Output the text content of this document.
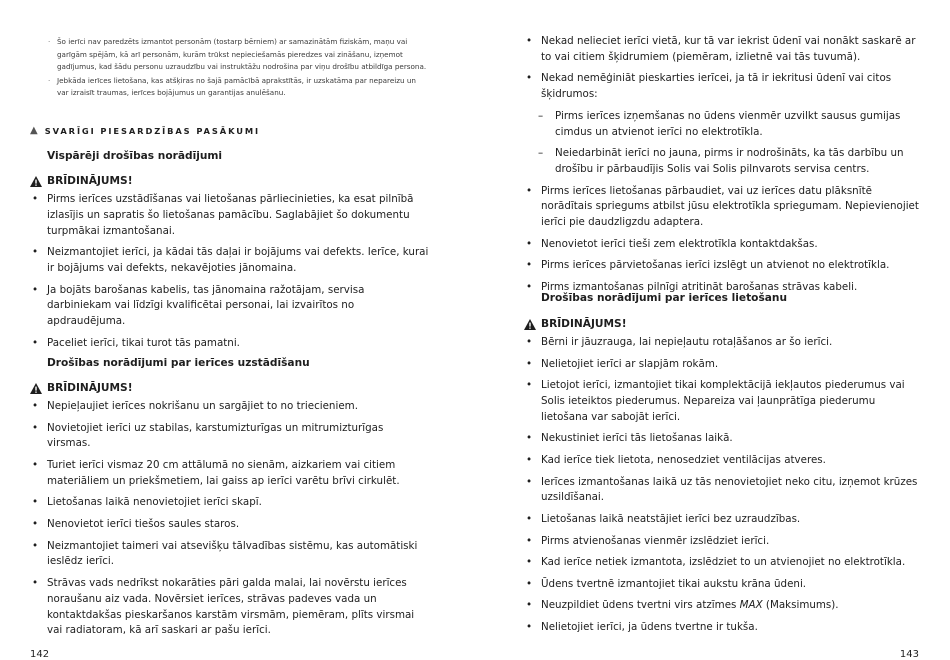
· Šo ierīci nav paredzēts izmantot personām (tostarp bērniem) ar samazinātām fiziskām, maņu vai garīgām spējām, kā arī personām, kurām trūkst nepieciešamās pieredzes vai zināšanu, izņemot gadījumus, kad šādu personu uzraudzību vai instruktāžu nodrošina par viņu drošību atbildīga persona.
· Jebkāda ierīces lietošana, kas atšķiras no šajā pamācībā aprakstītās, ir uzskatāma par nepareizu un var izraisīt traumas, ierīces bojājumus un garantijas anulēšanu.
▲ SVARĪGI PIESARDZĪBAS PASĀKUMI
Vispārēji drošības norādījumi
BRĪDINĀJUMS!
• Pirms ierīces uzstādīšanas vai lietošanas pārliecinieties, ka esat pilnībā izlasījis un sapratis šo lietošanas pamācību. Saglabājiet šo dokumentu turpmākai izmantošanai.
• Neizmantojiet ierīci, ja kādai tās daļai ir bojājums vai defekts. Ierīce, kurai ir bojājums vai defekts, nekavējoties jānomaina.
• Ja bojāts barošanas kabelis, tas jānomaina ražotājam, servisa darbiniekam vai līdzīgi kvalificētai personai, lai izvairītos no apdraudējuma.
• Paceliet ierīci, tikai turot tās pamatni.
Drošības norādījumi par ierīces uzstādīšanu
BRĪDINĀJUMS!
• Nepieļaujiet ierīces nokrišanu un sargājiet to no triecieniem.
• Novietojiet ierīci uz stabilas, karstumizturīgas un mitrumizturīgas virsmas.
• Turiet ierīci vismaz 20 cm attālumā no sienām, aizkariem vai citiem materiāliem un priekšmetiem, lai gaiss ap ierīci varētu brīvi cirkulēt.
• Lietošanas laikā nenovietojiet ierīci skapī.
• Nenovietot ierīci tiešos saules staros.
• Neizmantojiet taimeri vai atsevišķu tālvadības sistēmu, kas automātiski ieslēdz ierīci.
• Strāvas vads nedrīkst nokarāties pāri galda malai, lai novērstu ierīces noraušanu aiz vada. Novērsiet ierīces, strāvas padeves vada un kontaktdakšas pieskaršanos karstām virsmām, piemēram, plīts virsmai vai radiatoram, kā arī saskari ar pašu ierīci.
142
• Nekad nelieciet ierīci vietā, kur tā var iekrist ūdenī vai nonākt saskarē ar to vai citiem šķidrumiem (piemēram, izlietnē vai tās tuvumā).
• Nekad nemēģiniāt pieskarties ierīcei, ja tā ir iekritusi ūdenī vai citos šķidrumos:
– Pirms ierīces izņemšanas no ūdens vienmēr uzvilkt sausus gumijas cimdus un atvienot ierīci no elektrotīkla.
– Neiedarbināt ierīci no jauna, pirms ir nodrošināts, ka tās darbību un drošību ir pārbaudījis Solis vai Solis pilnvarots servisa centrs.
• Pirms ierīces lietošanas pārbaudiet, vai uz ierīces datu plāksnītē norādītais spriegums atbilst jūsu elektrotīkla spriegumam. Nepievienojiet ierīci pie daudzligzdu adaptera.
• Nenovietot ierīci tieši zem elektrotīkla kontaktdakšas.
• Pirms ierīces pārvietošanas ierīci izslēgt un atvienot no elektrotīkla.
• Pirms izmantošanas pilnīgi atritināt barošanas strāvas kabeli.
Drošības norādījumi par ierīces lietošanu
BRĪDINĀJUMS!
• Bērni ir jāuzrauga, lai nepieļautu rotaļāšanos ar šo ierīci.
• Nelietojiet ierīci ar slapjām rokām.
• Lietojot ierīci, izmantojiet tikai komplektācijā iekļautos piederumus vai Solis ieteiktos piederumus. Nepareiza vai ļaunprātīga piederumu lietošana var sabojāt ierīci.
• Nekustiniet ierīci tās lietošanas laikā.
• Kad ierīce tiek lietota, nenosedziet ventilācijas atveres.
• Ierīces izmantošanas laikā uz tās nenovietojiet neko citu, izņemot krūzes uzsildīšanai.
• Lietošanas laikā neatstājiet ierīci bez uzraudzības.
• Pirms atvienošanas vienmēr izslēdziet ierīci.
• Kad ierīce netiek izmantota, izslēdziet to un atvienojiet no elektrotīkla.
• Ūdens tvertnē izmantojiet tikai aukstu krāna ūdeni.
• Neuzpildiet ūdens tvertni virs atzīmes MAX (Maksimums).
• Nelietojiet ierīci, ja ūdens tvertne ir tukša.
143
